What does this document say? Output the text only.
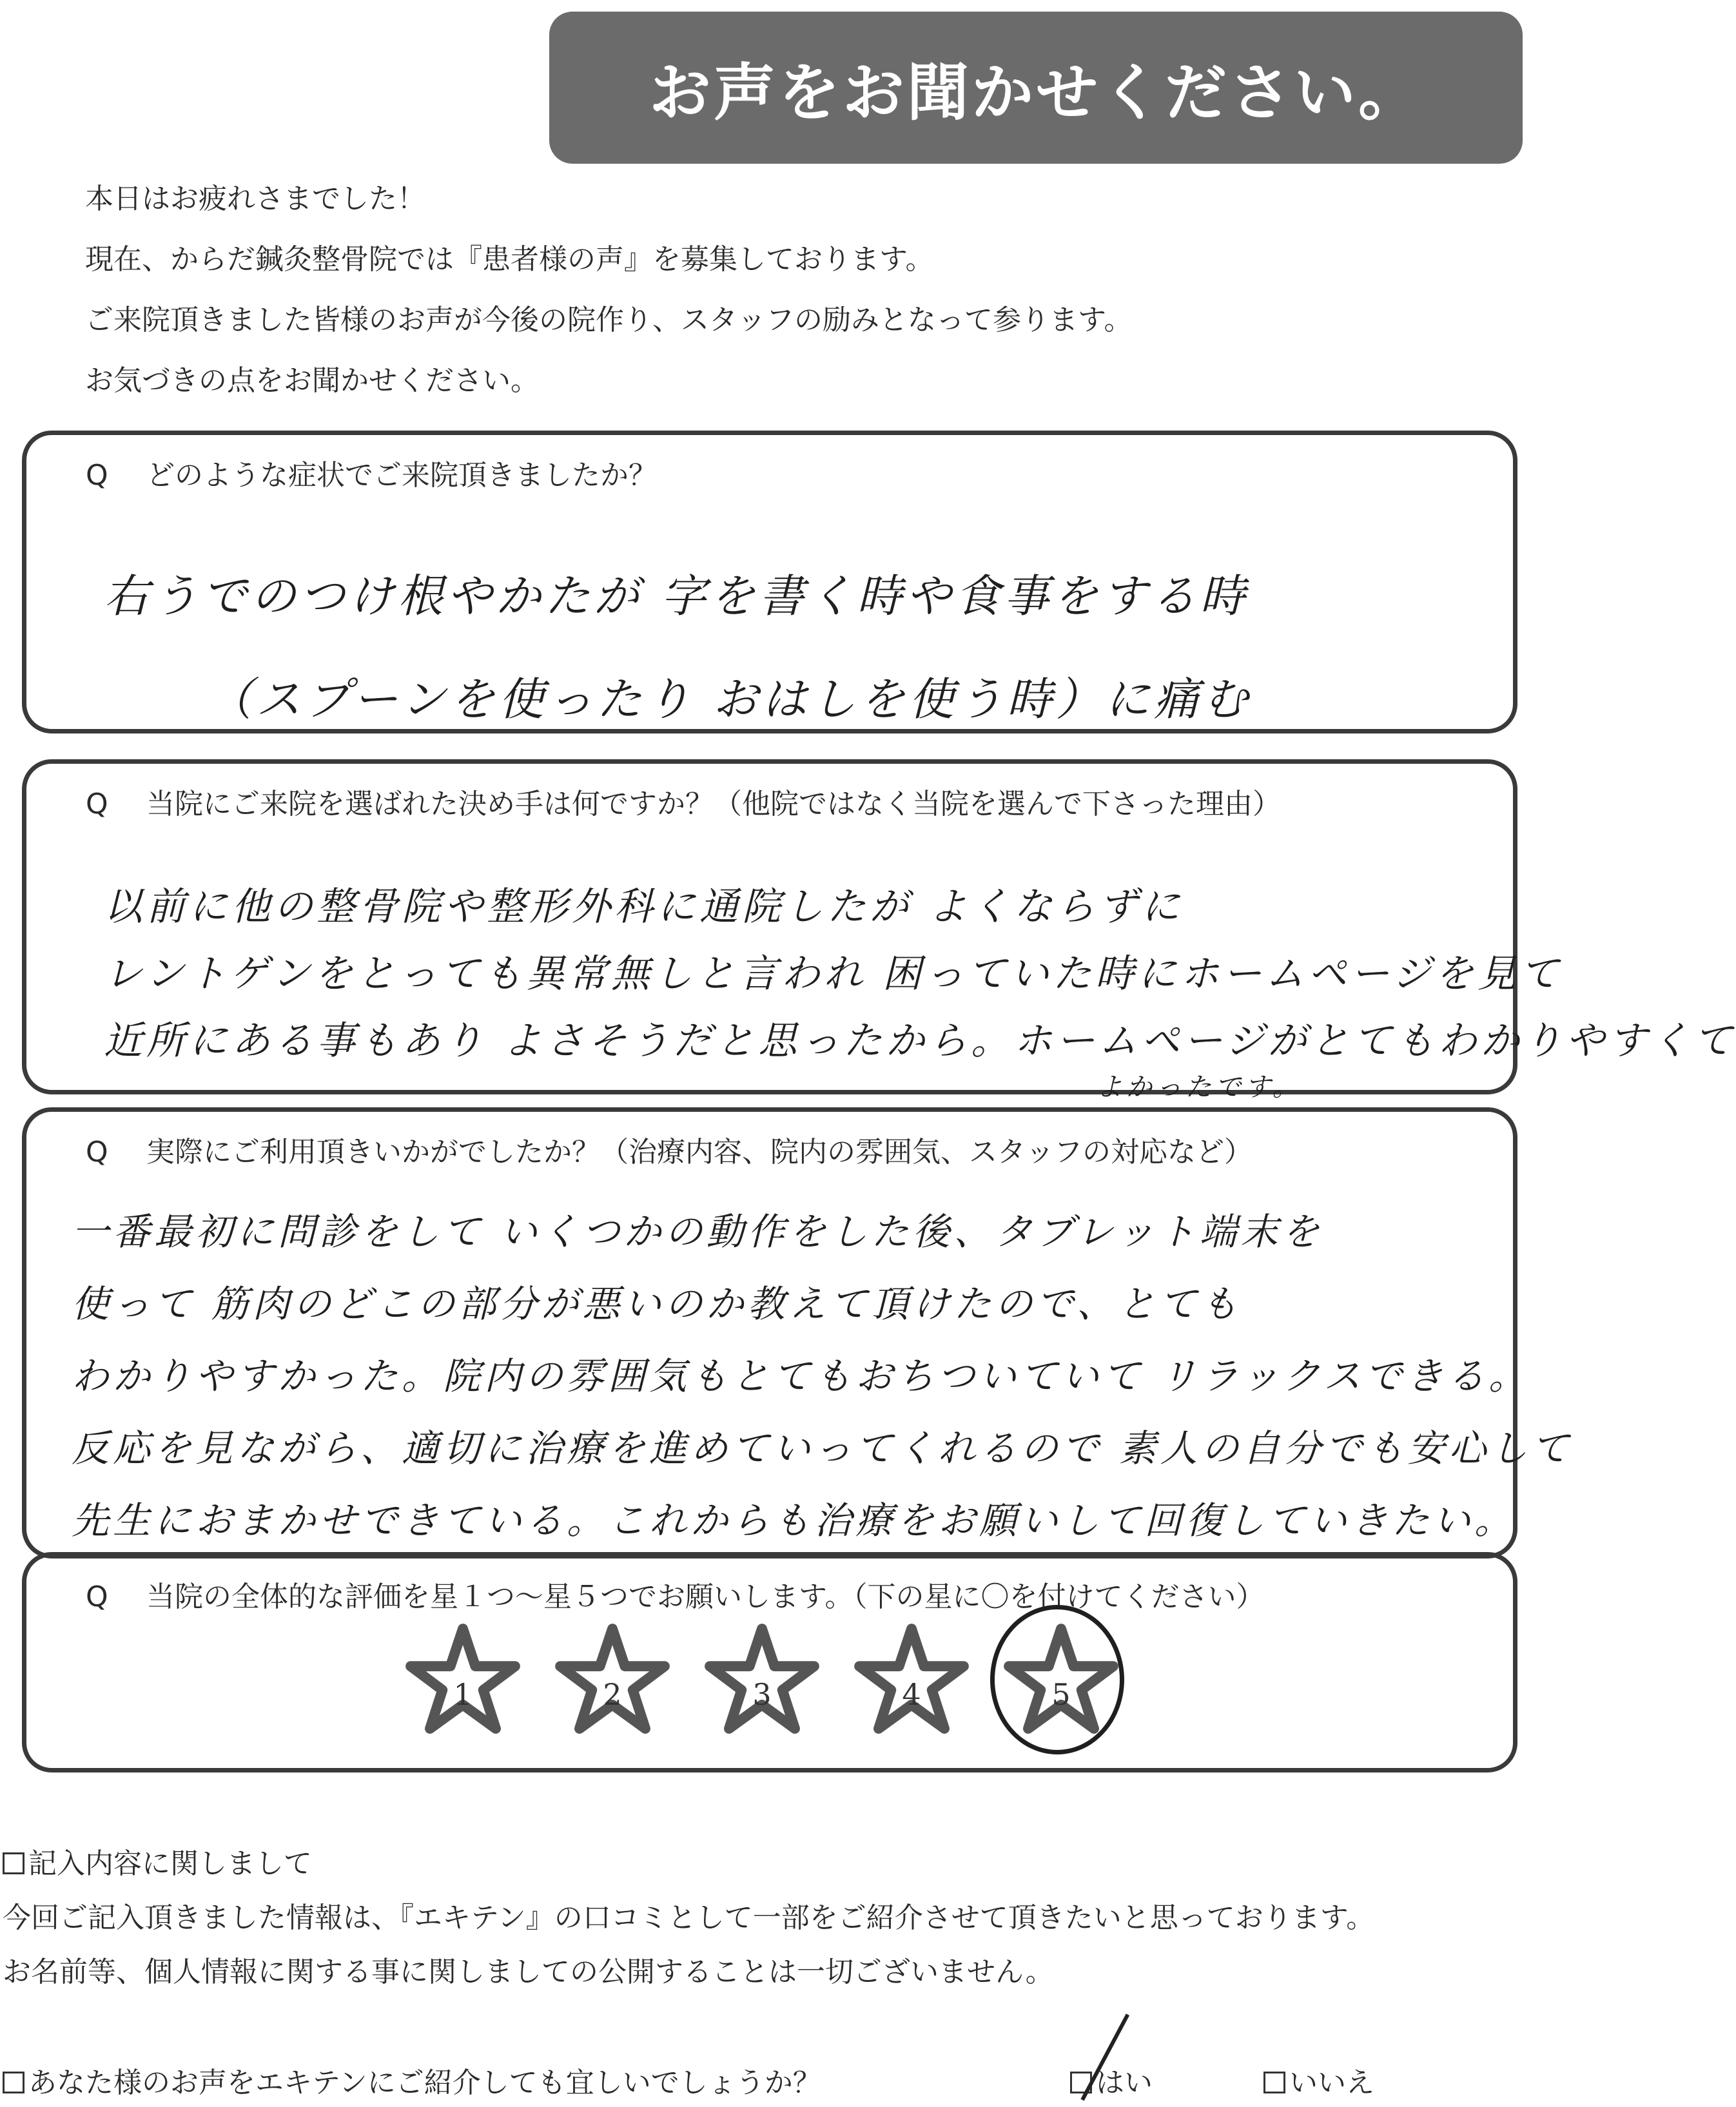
お声をお聞かせください。

本日はお疲れさまでした！

現在、からだ鍼灸整骨院では『患者様の声』を募集しております。

ご来院頂きました皆様のお声が今後の院作り、スタッフの励みとなって参ります。

お気づきの点をお聞かせください。

Q どのような症状でご来院頂きましたか？

右うでのつけ根やかたが 字を書く時や食事をする時

（スプーンを使ったり おはしを使う時）に痛む

Q 当院にご来院を選ばれた決め手は何ですか？（他院ではなく当院を選んで下さった理由）

以前に他の整骨院や整形外科に通院したが よくならずに

レントゲンをとっても異常無しと言われ 困っていた時にホームページを見て

近所にある事もあり よさそうだと思ったから。ホームページがとてもわかりやすくて

よかったです。

Q 実際にご利用頂きいかがでしたか？（治療内容、院内の雰囲気、スタッフの対応など）

一番最初に問診をして いくつかの動作をした後、タブレット端末を

使って 筋肉のどこの部分が悪いのか教えて頂けたので、とても

わかりやすかった。院内の雰囲気もとてもおちついていて リラックスできる。

反応を見ながら、適切に治療を進めていってくれるので 素人の自分でも安心して

先生におまかせできている。これからも治療をお願いして回復していきたい。

Q 当院の全体的な評価を星１つ～星５つでお願いします。（下の星に〇を付けてください）
1	2	3	4	5

記入内容に関しまして

今回ご記入頂きました情報は、『エキテン』の口コミとして一部をご紹介させて頂きたいと思っております。

お名前等、個人情報に関する事に関しましての公開することは一切ございません。

あなた様のお声をエキテンにご紹介しても宜しいでしょうか？	はい	いいえ
